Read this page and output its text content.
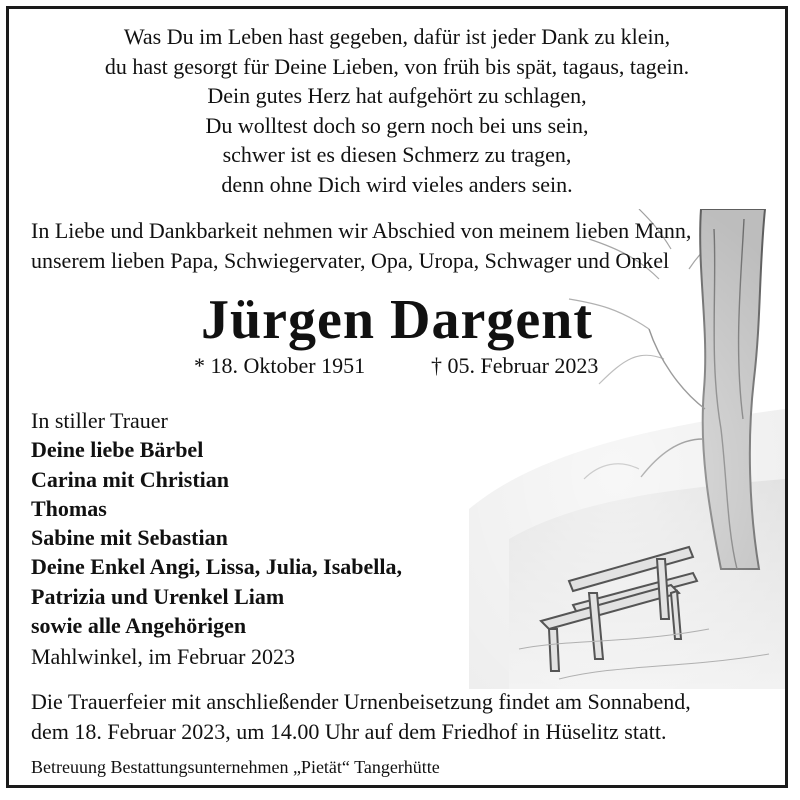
Was Du im Leben hast gegeben, dafür ist jeder Dank zu klein,
du hast gesorgt für Deine Lieben, von früh bis spät, tagaus, tagein.
Dein gutes Herz hat aufgehört zu schlagen,
Du wolltest doch so gern noch bei uns sein,
schwer ist es diesen Schmerz zu tragen,
denn ohne Dich wird vieles anders sein.
In Liebe und Dankbarkeit nehmen wir Abschied von meinem lieben Mann,
unserem lieben Papa, Schwiegervater, Opa, Uropa, Schwager und Onkel
Jürgen Dargent
* 18. Oktober 1951	† 05. Februar 2023
In stiller Trauer
Deine liebe Bärbel
Carina mit Christian
Thomas
Sabine mit Sebastian
Deine Enkel Angi, Lissa, Julia, Isabella,
Patrizia und Urenkel Liam
sowie alle Angehörigen
Mahlwinkel, im Februar 2023
Die Trauerfeier mit anschließender Urnenbeisetzung findet am Sonnabend,
dem 18. Februar 2023, um 14.00 Uhr auf dem Friedhof in Hüselitz statt.
Betreuung Bestattungsunternehmen „Pietät“ Tangerhütte
